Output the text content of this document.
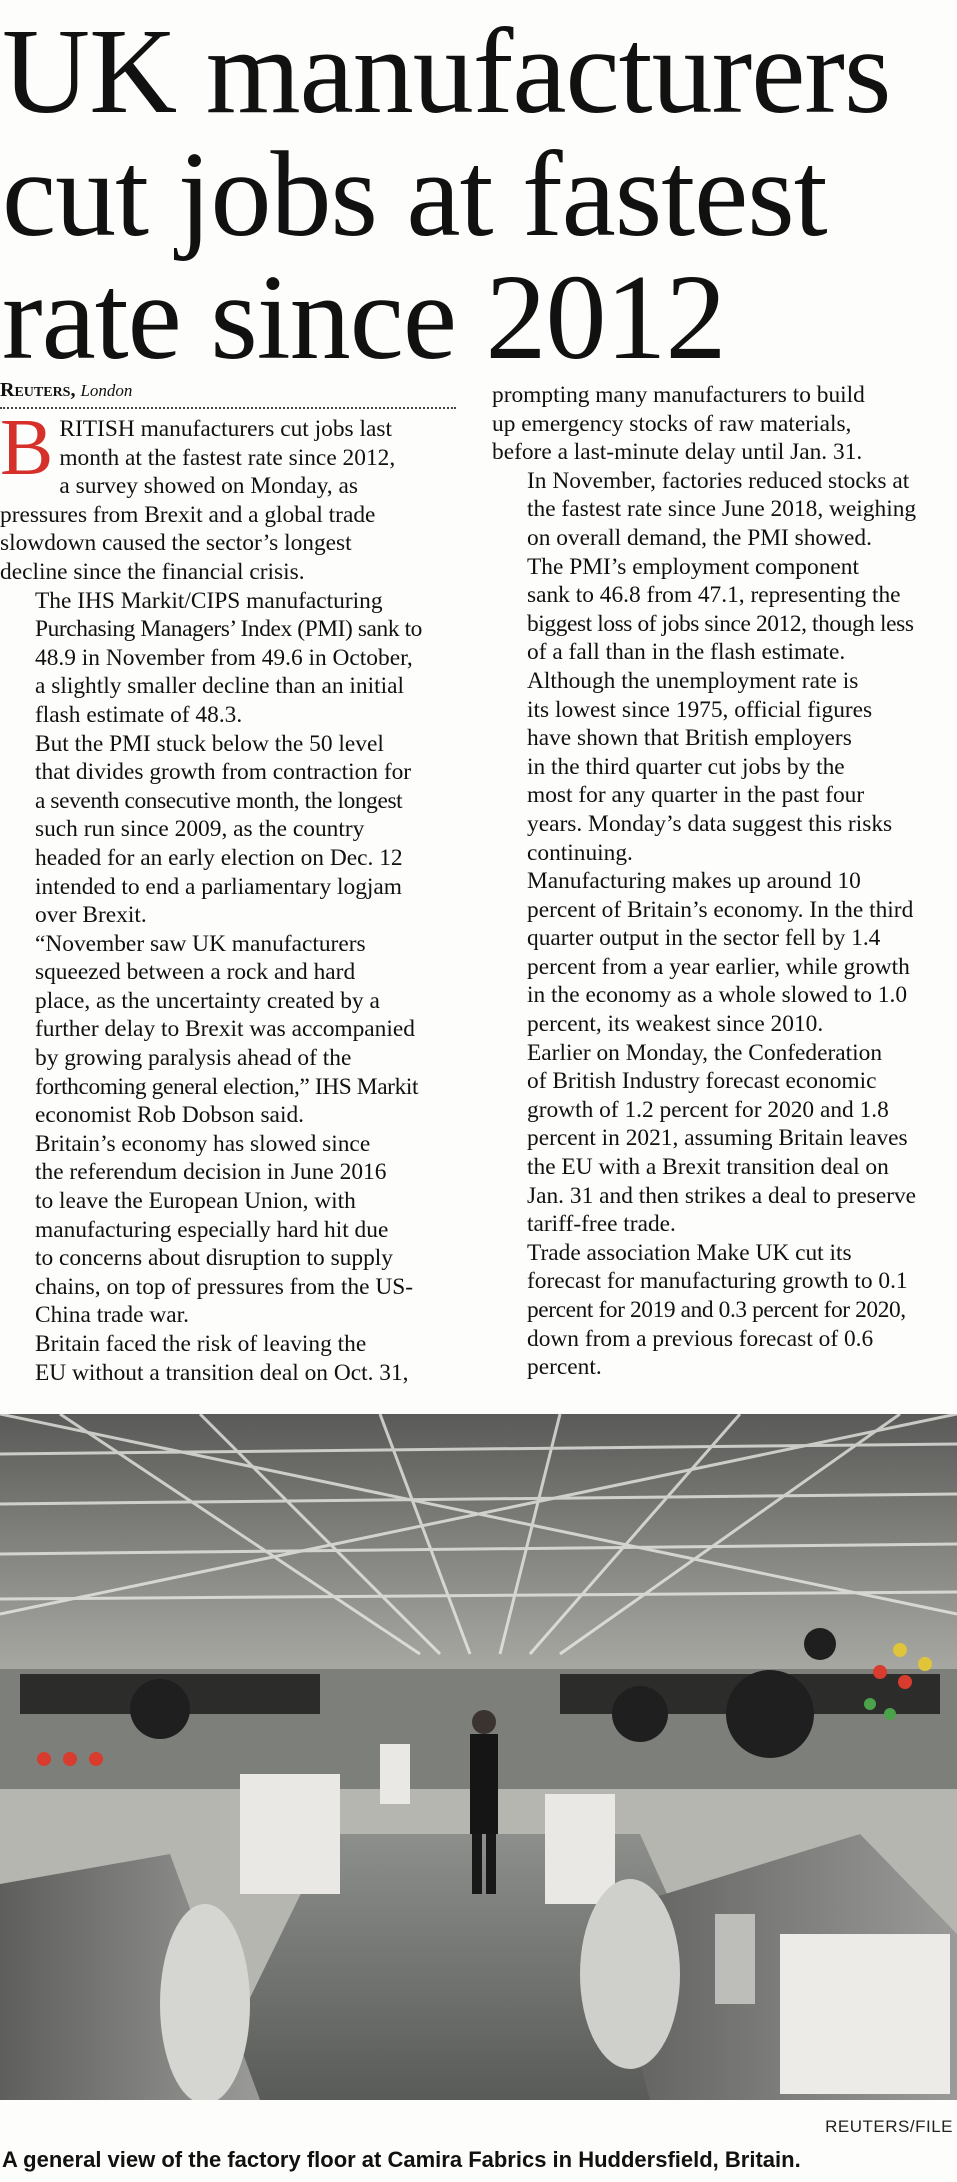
UK manufacturers
cut jobs at fastest
rate since 2012
Reuters, London

B RITISH manufacturers cut jobs last
month at the fastest rate since 2012,
a survey showed on Monday, as
pressures from Brexit and a global trade
slowdown caused the sector’s longest
decline since the financial crisis.

The IHS Markit/CIPS manufacturing
Purchasing Managers’ Index (PMI) sank to
48.9 in November from 49.6 in October,
a slightly smaller decline than an initial
flash estimate of 48.3.

But the PMI stuck below the 50 level
that divides growth from contraction for
a seventh consecutive month, the longest
such run since 2009, as the country
headed for an early election on Dec. 12
intended to end a parliamentary logjam
over Brexit.

“November saw UK manufacturers
squeezed between a rock and hard
place, as the uncertainty created by a
further delay to Brexit was accompanied
by growing paralysis ahead of the
forthcoming general election,” IHS Markit
economist Rob Dobson said.

Britain’s economy has slowed since
the referendum decision in June 2016
to leave the European Union, with
manufacturing especially hard hit due
to concerns about disruption to supply
chains, on top of pressures from the US-
China trade war.

Britain faced the risk of leaving the
EU without a transition deal on Oct. 31,

prompting many manufacturers to build
up emergency stocks of raw materials,
before a last-minute delay until Jan. 31.

In November, factories reduced stocks at
the fastest rate since June 2018, weighing
on overall demand, the PMI showed.

The PMI’s employment component
sank to 46.8 from 47.1, representing the
biggest loss of jobs since 2012, though less
of a fall than in the flash estimate.

Although the unemployment rate is
its lowest since 1975, official figures
have shown that British employers
in the third quarter cut jobs by the
most for any quarter in the past four
years. Monday’s data suggest this risks
continuing.

Manufacturing makes up around 10
percent of Britain’s economy. In the third
quarter output in the sector fell by 1.4
percent from a year earlier, while growth
in the economy as a whole slowed to 1.0
percent, its weakest since 2010.

Earlier on Monday, the Confederation
of British Industry forecast economic
growth of 1.2 percent for 2020 and 1.8
percent in 2021, assuming Britain leaves
the EU with a Brexit transition deal on
Jan. 31 and then strikes a deal to preserve
tariff-free trade.

Trade association Make UK cut its
forecast for manufacturing growth to 0.1
percent for 2019 and 0.3 percent for 2020,
down from a previous forecast of 0.6
percent.

REUTERS/FILE
A general view of the factory floor at Camira Fabrics in Huddersfield, Britain.
